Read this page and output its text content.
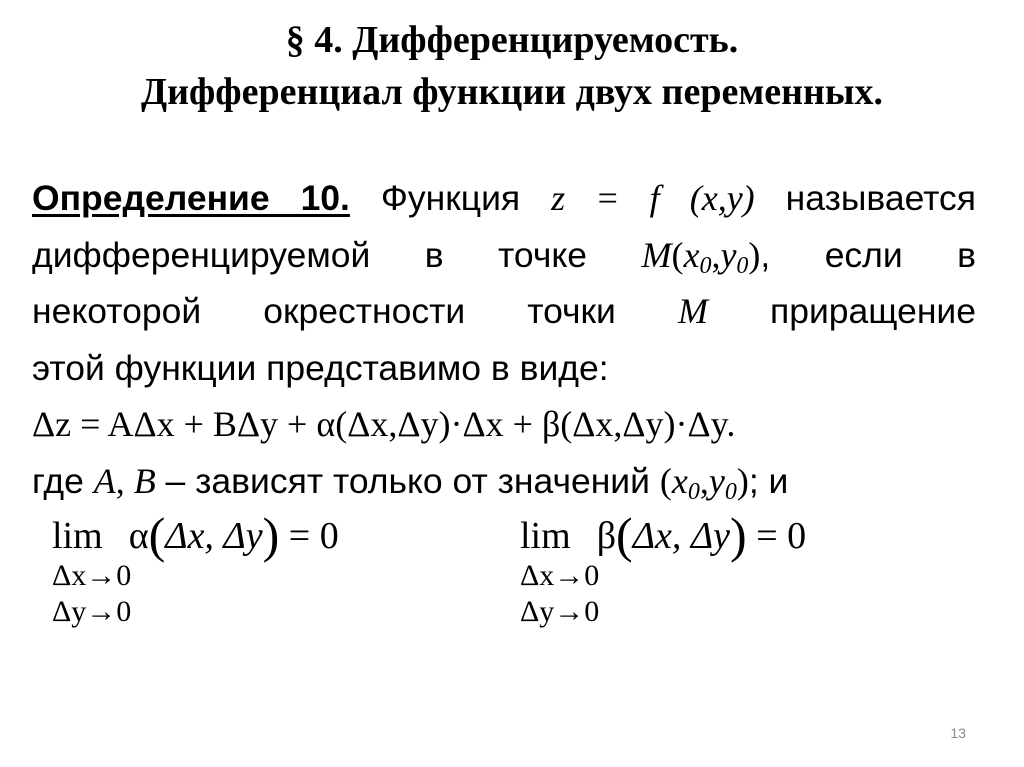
§ 4. Дифференцируемость.
Дифференциал функции двух переменных.
Определение 10. Функция z = f (x,y) называется
дифференцируемой в точке $M(x_0,y_0)$, если в
некоторой окрестности точки M приращение
этой функции представимо в виде:
Δz = AΔx + BΔy + α(Δx,Δy)·Δx + β(Δx,Δy)·Δy.
где A, B – зависят только от значений $(x_0,y_0)$; и
lim α(Δx, Δy) = 0
Δx→0
Δy→0
lim β(Δx, Δy) = 0
Δx→0
Δy→0
13
